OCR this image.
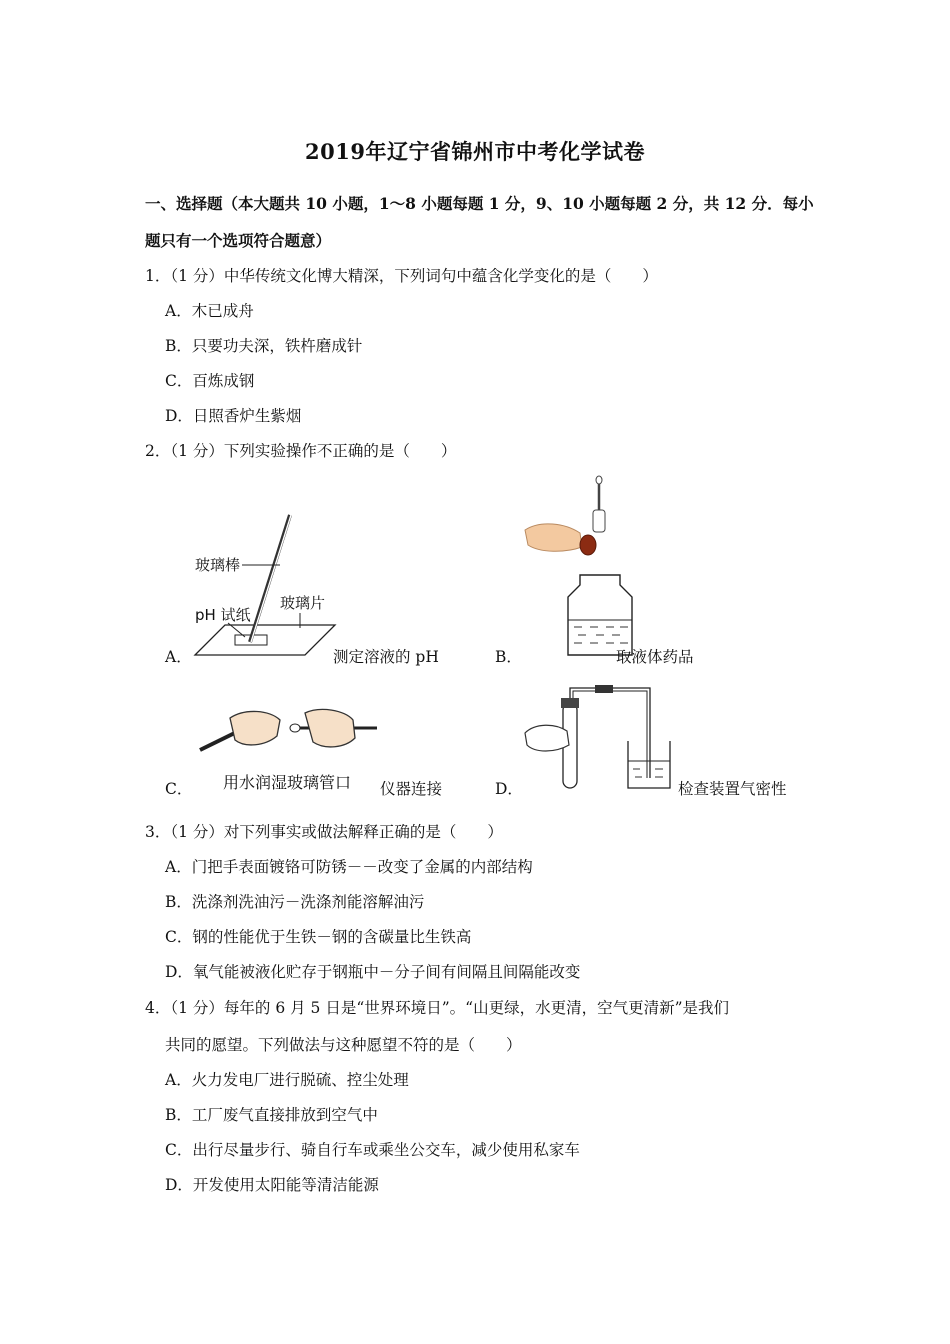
2019年辽宁省锦州市中考化学试卷
一、选择题（本大题共 10 小题，1～8 小题每题 1 分，9、10 小题每题 2 分，共 12 分．每小
题只有一个选项符合题意）
1．（1 分）中华传统文化博大精深，下列词句中蕴含化学变化的是（　　）
A．木已成舟
B．只要功夫深，铁杵磨成针
C．百炼成钢
D．日照香炉生紫烟
2．（1 分）下列实验操作不正确的是（　　）
A．
玻璃棒
玻璃片
pH 试纸
测定溶液的 pH	B．	取液体药品
C． 用水润湿玻璃管口 仪器连接	D．	检查装置气密性
3．（1 分）对下列事实或做法解释正确的是（　　）
A．门把手表面镀铬可防锈－－改变了金属的内部结构
B．洗涤剂洗油污－洗涤剂能溶解油污
C．钢的性能优于生铁－钢的含碳量比生铁高
D．氧气能被液化贮存于钢瓶中－分子间有间隔且间隔能改变
4．（1 分）每年的 6 月 5 日是“世界环境日”。“山更绿，水更清，空气更清新”是我们
共同的愿望。下列做法与这种愿望不符的是（　　）
A．火力发电厂进行脱硫、控尘处理
B．工厂废气直接排放到空气中
C．出行尽量步行、骑自行车或乘坐公交车，减少使用私家车
D．开发使用太阳能等清洁能源
